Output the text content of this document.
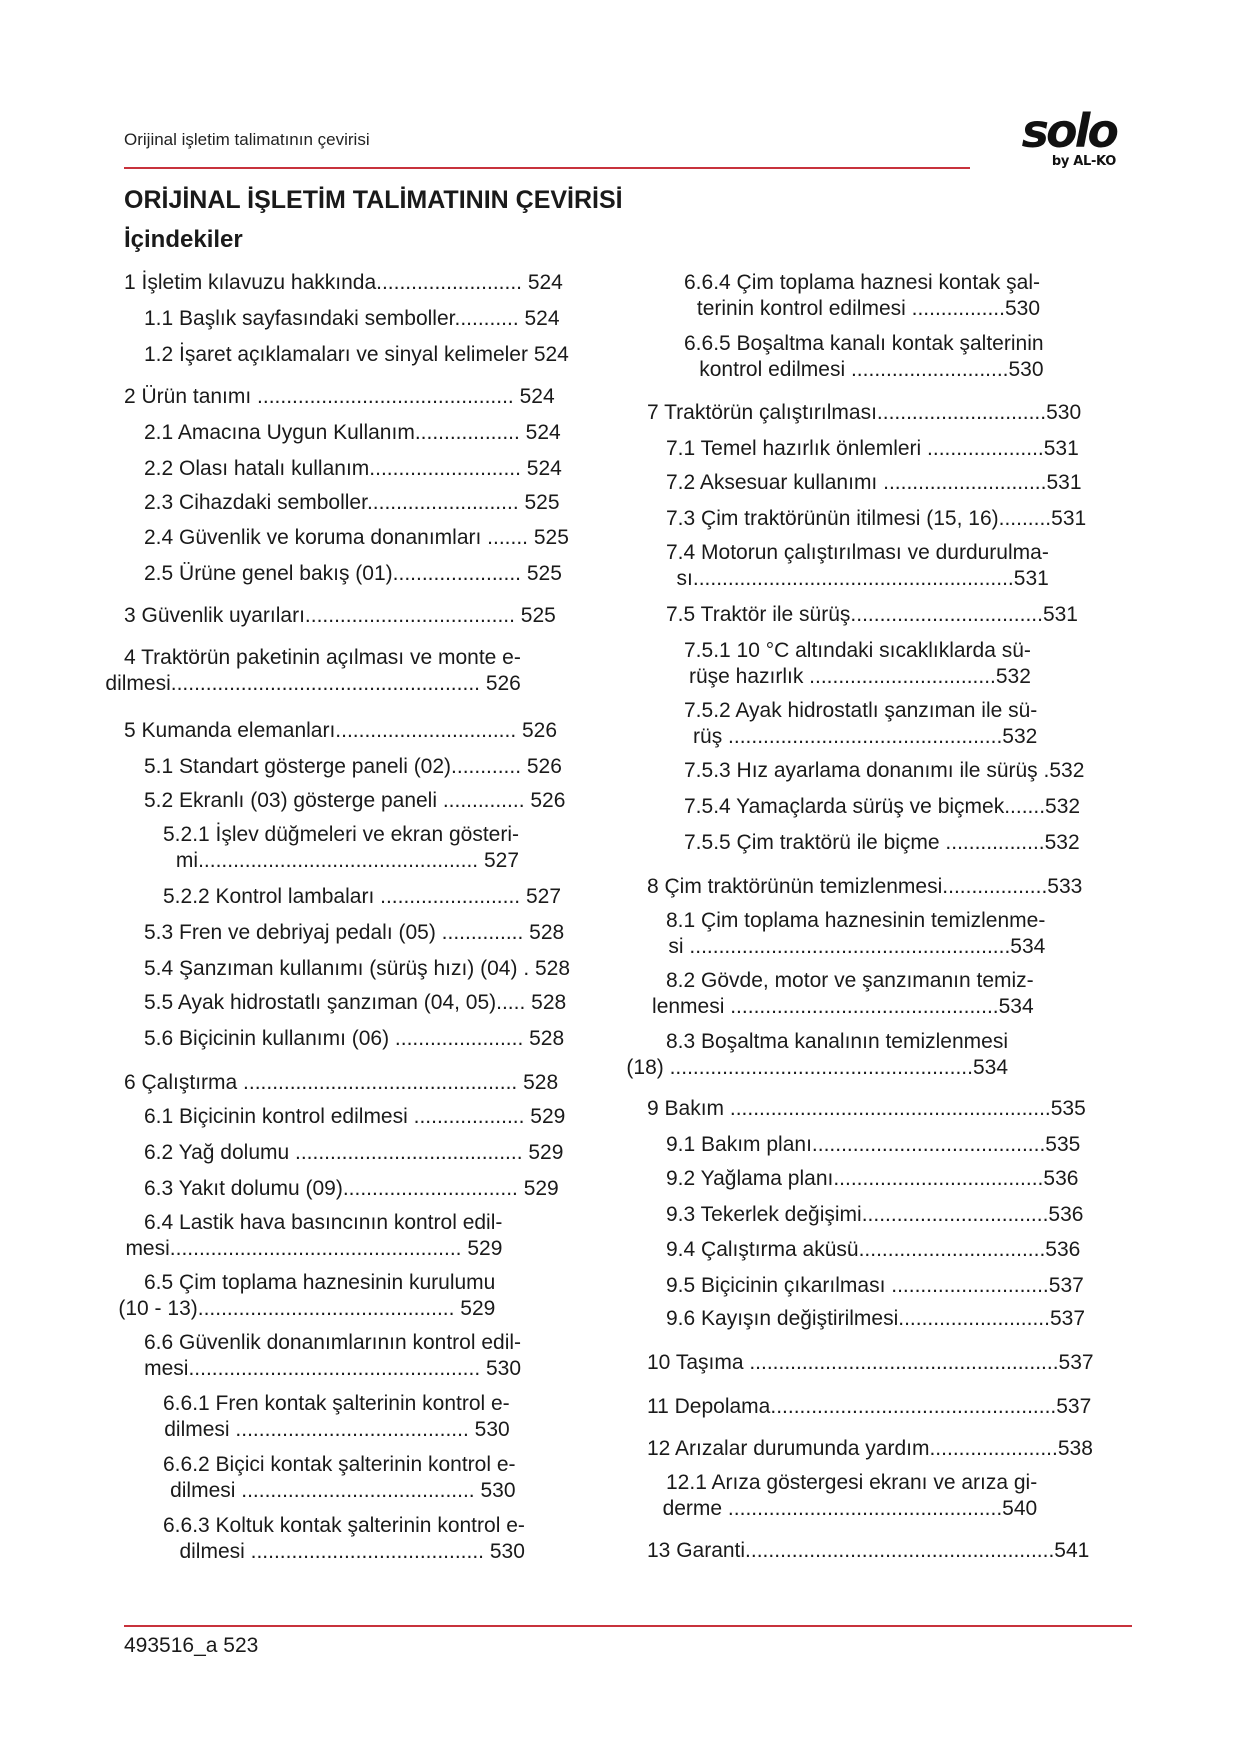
Orijinal işletim talimatının çevirisi	solo
by AL-KO
ORİJİNAL İŞLETİM TALİMATININ ÇEVİRİSİ
İçindekiler
1 İşletim kılavuzu hakkında......................... 524
1.1 Başlık sayfasındaki semboller........... 524
1.2 İşaret açıklamaları ve sinyal kelimeler 524
2 Ürün tanımı ............................................ 524
2.1 Amacına Uygun Kullanım.................. 524
2.2 Olası hatalı kullanım.......................... 524
2.3 Cihazdaki semboller.......................... 525
2.4 Güvenlik ve koruma donanımları ....... 525
2.5 Ürüne genel bakış (01)...................... 525
3 Güvenlik uyarıları.................................... 525
4 Traktörün paketinin açılması ve monte e-
dilmesi..................................................... 526
5 Kumanda elemanları............................... 526
5.1 Standart gösterge paneli (02)............ 526
5.2 Ekranlı (03) gösterge paneli .............. 526
5.2.1 İşlev düğmeleri ve ekran gösteri-
mi................................................ 527
5.2.2 Kontrol lambaları ........................ 527
5.3 Fren ve debriyaj pedalı (05) .............. 528
5.4 Şanzıman kullanımı (sürüş hızı) (04) . 528
5.5 Ayak hidrostatlı şanzıman (04, 05)..... 528
5.6 Biçicinin kullanımı (06) ...................... 528
6 Çalıştırma ............................................... 528
6.1 Biçicinin kontrol edilmesi ................... 529
6.2 Yağ dolumu ....................................... 529
6.3 Yakıt dolumu (09).............................. 529
6.4 Lastik hava basıncının kontrol edil-
mesi.................................................. 529
6.5 Çim toplama haznesinin kurulumu
(10 - 13)............................................ 529
6.6 Güvenlik donanımlarının kontrol edil-
mesi.................................................. 530
6.6.1 Fren kontak şalterinin kontrol e-
dilmesi ........................................ 530
6.6.2 Biçici kontak şalterinin kontrol e-
dilmesi ........................................ 530
6.6.3 Koltuk kontak şalterinin kontrol e-
dilmesi ........................................ 530
6.6.4 Çim toplama haznesi kontak şal-
terinin kontrol edilmesi ................530
6.6.5 Boşaltma kanalı kontak şalterinin
kontrol edilmesi ...........................530
7 Traktörün çalıştırılması.............................530
7.1 Temel hazırlık önlemleri ....................531
7.2 Aksesuar kullanımı ............................531
7.3 Çim traktörünün itilmesi (15, 16).........531
7.4 Motorun çalıştırılması ve durdurulma-
sı.......................................................531
7.5 Traktör ile sürüş.................................531
7.5.1 10 °C altındaki sıcaklıklarda sü-
rüşe hazırlık ................................532
7.5.2 Ayak hidrostatlı şanzıman ile sü-
rüş ...............................................532
7.5.3 Hız ayarlama donanımı ile sürüş .532
7.5.4 Yamaçlarda sürüş ve biçmek.......532
7.5.5 Çim traktörü ile biçme .................532
8 Çim traktörünün temizlenmesi..................533
8.1 Çim toplama haznesinin temizlenme-
si .......................................................534
8.2 Gövde, motor ve şanzımanın temiz-
lenmesi ..............................................534
8.3 Boşaltma kanalının temizlenmesi
(18) ....................................................534
9 Bakım .......................................................535
9.1 Bakım planı........................................535
9.2 Yağlama planı....................................536
9.3 Tekerlek değişimi................................536
9.4 Çalıştırma aküsü................................536
9.5 Biçicinin çıkarılması ...........................537
9.6 Kayışın değiştirilmesi..........................537
10 Taşıma .....................................................537
11 Depolama.................................................537
12 Arızalar durumunda yardım......................538
12.1 Arıza göstergesi ekranı ve arıza gi-
derme ...............................................540
13 Garanti.....................................................541
493516_a 523
